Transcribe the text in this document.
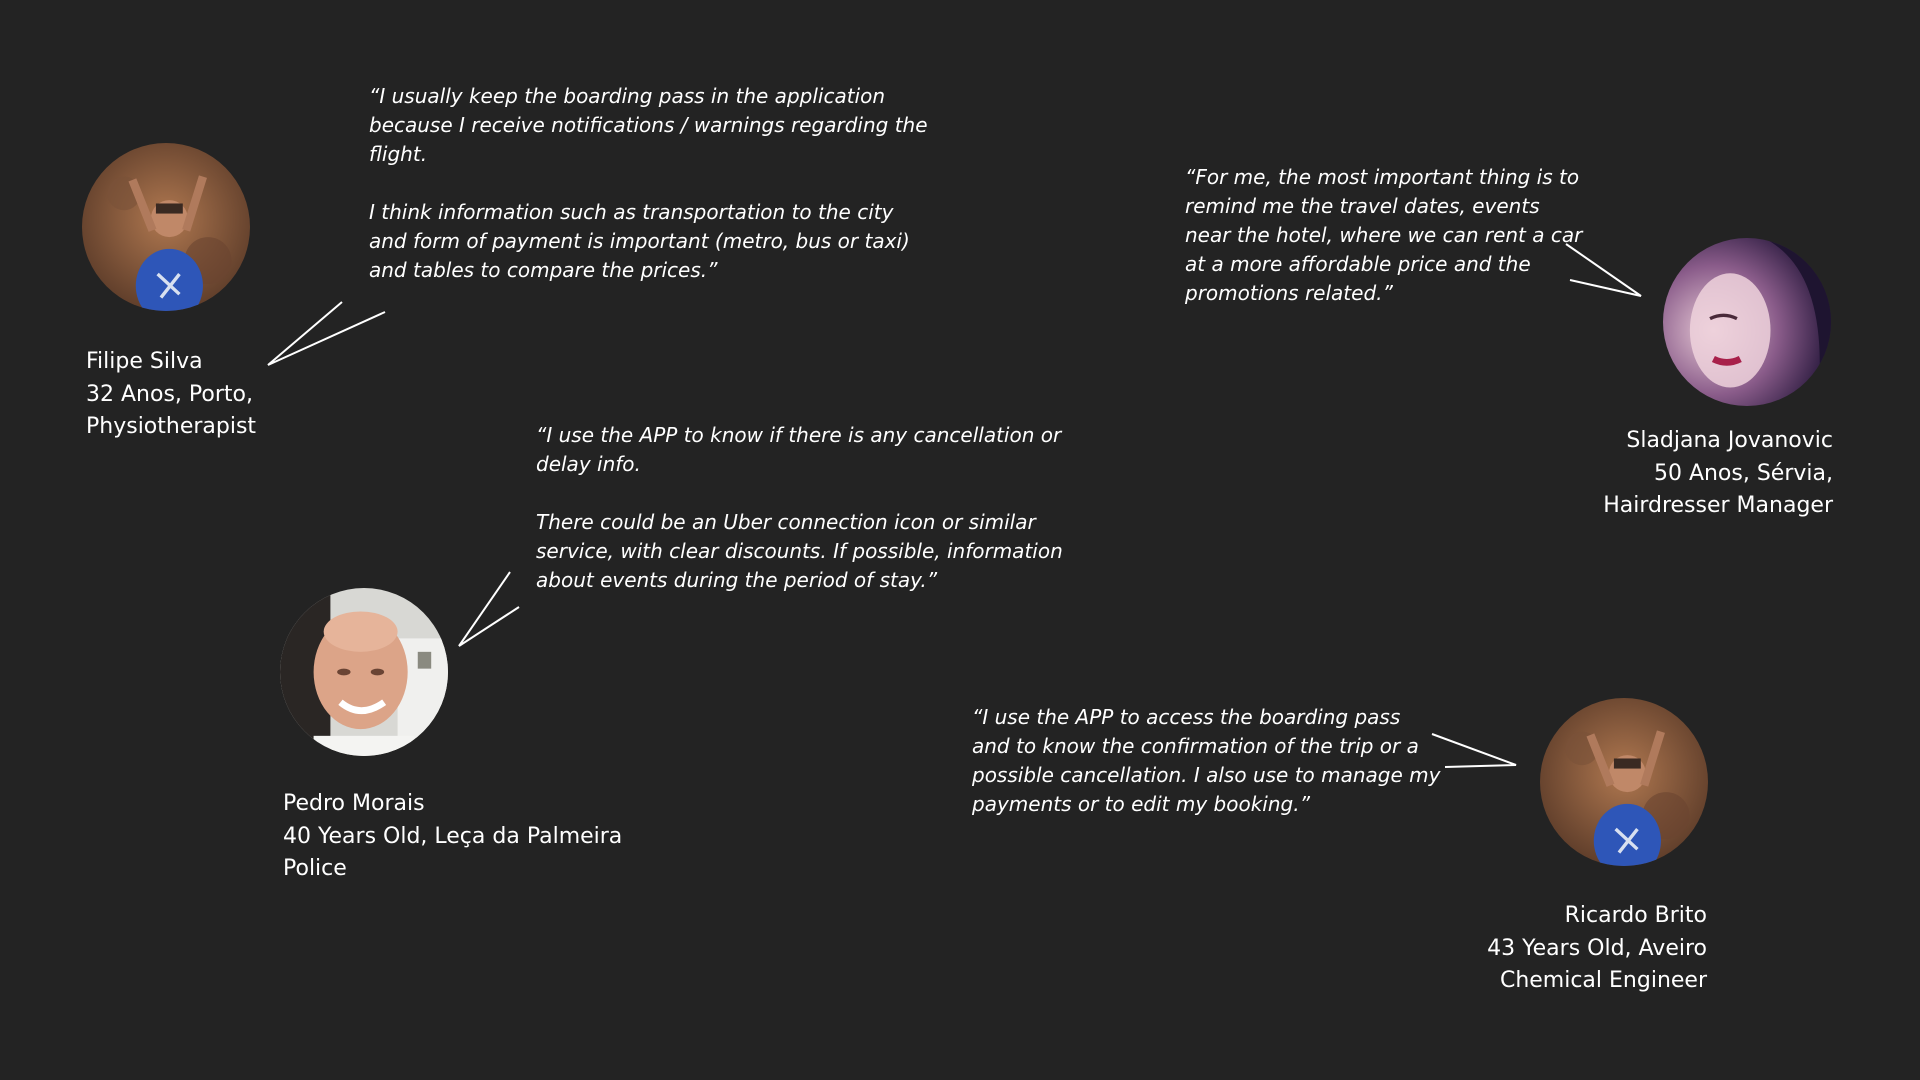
Filipe Silva
32 Anos, Porto,
Physiotherapist

“I usually keep the boarding pass in the application because I receive notifications / warnings regarding the flight.

I think information such as transportation to the city and form of payment is important (metro, bus or taxi) and tables to compare the prices.”

Pedro Morais
40 Years Old, Leça da Palmeira
Police

“I use the APP to know if there is any cancellation or delay info.

There could be an Uber connection icon or similar service, with clear discounts. If possible, information about events during the period of stay.”

Sladjana Jovanovic
50 Anos, Sérvia,
Hairdresser Manager

“For me, the most important thing is to remind me the travel dates, events near the hotel, where we can rent a car at a more affordable price and the promotions related.”

Ricardo Brito
43 Years Old, Aveiro
Chemical Engineer

“I use the APP to access the boarding pass and to know the confirmation of the trip or a possible cancellation. I also use to manage my payments or to edit my booking.”
